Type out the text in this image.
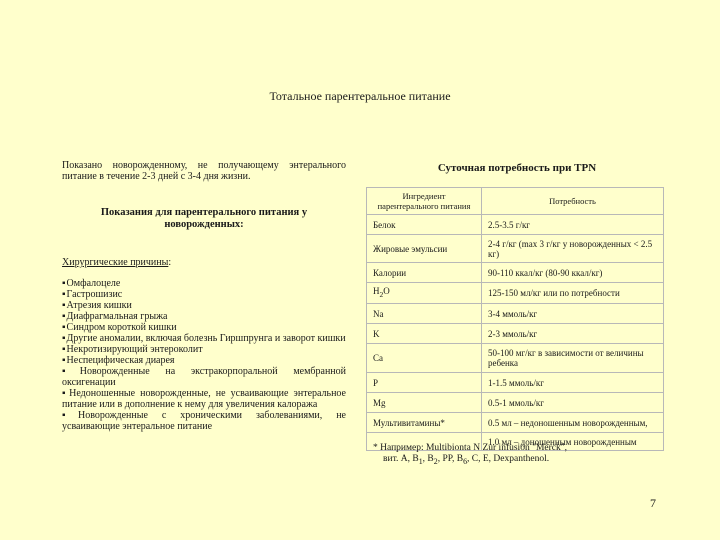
Тотальное парентеральное питание

Показано новорожденному, не получающему энтерального питание в течение 2-3 дней с 3-4 дня жизни.

Показания для парентерального питания у новорожденных:

Хирургические причины:

▪ Омфалоцеле
▪ Гастрошизис
▪ Атрезия кишки
▪ Диафрагмальная грыжа
▪ Синдром короткой кишки
▪ Другие аномалии, включая болезнь Гиршпрунга и заворот кишки
▪ Некротизирующий энтероколит
▪ Неспецифическая диарея
▪ Новорожденные на экстракорпоральной мембранной оксигенации
▪ Недоношенные новорожденные, не усваивающие энтеральное питание или в дополнение к нему для увеличения калоража
▪ Новорожденные с хроническими заболеваниями, не усваивающие энтеральное питание
Суточная потребность при TPN
Ингредиент парентерального питания	Потребность
Белок	2.5-3.5 г/кг
Жировые эмульсии	2-4 г/кг (max 3 г/кг у новорожденных < 2.5 кг)
Калории	90-110 ккал/кг (80-90 ккал/кг)
$H_2O$	125-150 мл/кг или по потребности
Na	3-4 ммоль/кг
K	2-3 ммоль/кг
Ca	50-100 мг/кг в зависимости от величины ребенка
P	1-1.5 ммоль/кг
Mg	0.5-1 ммоль/кг
Мультивитамины*	0.5 мл – недоношенным новорожденным,
	1.0 мл – доношенным новорожденным

* Например: Multibionta N Zur infusion "Merck",

вит. A, $B_1$, $B_2$, PP, $B_6$, C, E, Dexpanthenol.

7
